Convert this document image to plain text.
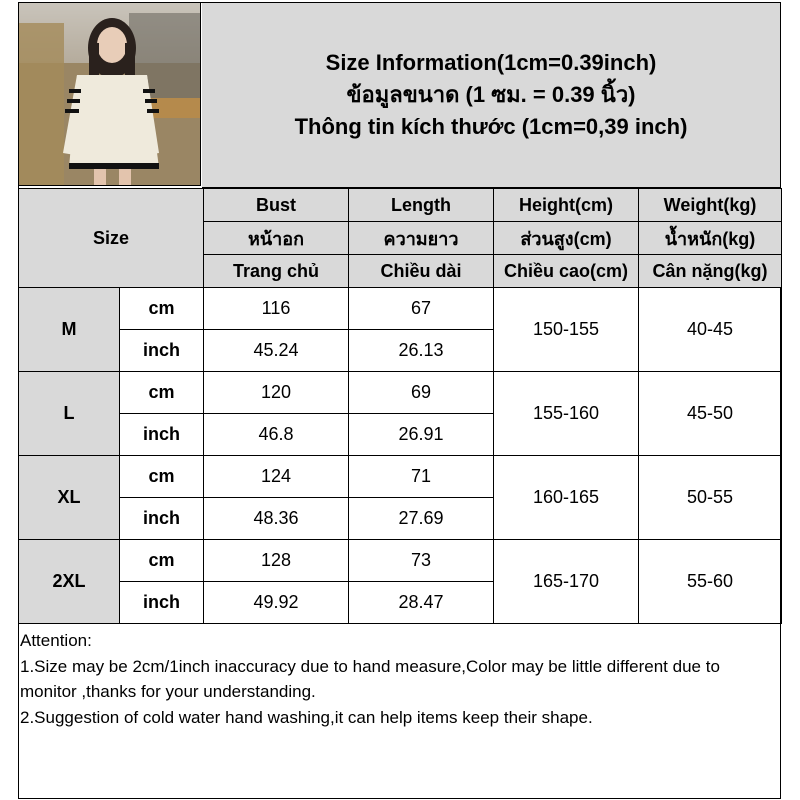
Size Information(1cm=0.39inch)
ข้อมูลขนาด (1 ซม. = 0.39 นิ้ว)
Thông tin kích thước (1cm=0,39 inch)
Size		Bust	Length	Height(cm)	Weight(kg)
		หน้าอก	ความยาว	ส่วนสูง(cm)	น้ำหนัก(kg)
		Trang chủ	Chiều dài	Chiều cao(cm)	Cân nặng(kg)
M	cm	116	67	150-155	40-45
	inch	45.24	26.13		
L	cm	120	69	155-160	45-50
	inch	46.8	26.91		
XL	cm	124	71	160-165	50-55
	inch	48.36	27.69		
2XL	cm	128	73	165-170	55-60
	inch	49.92	28.47		
Attention:
1.Size may be 2cm/1inch inaccuracy due to hand measure,Color may be little different due to monitor ,thanks for your understanding.
2.Suggestion of cold water hand washing,it can help items keep their shape.
